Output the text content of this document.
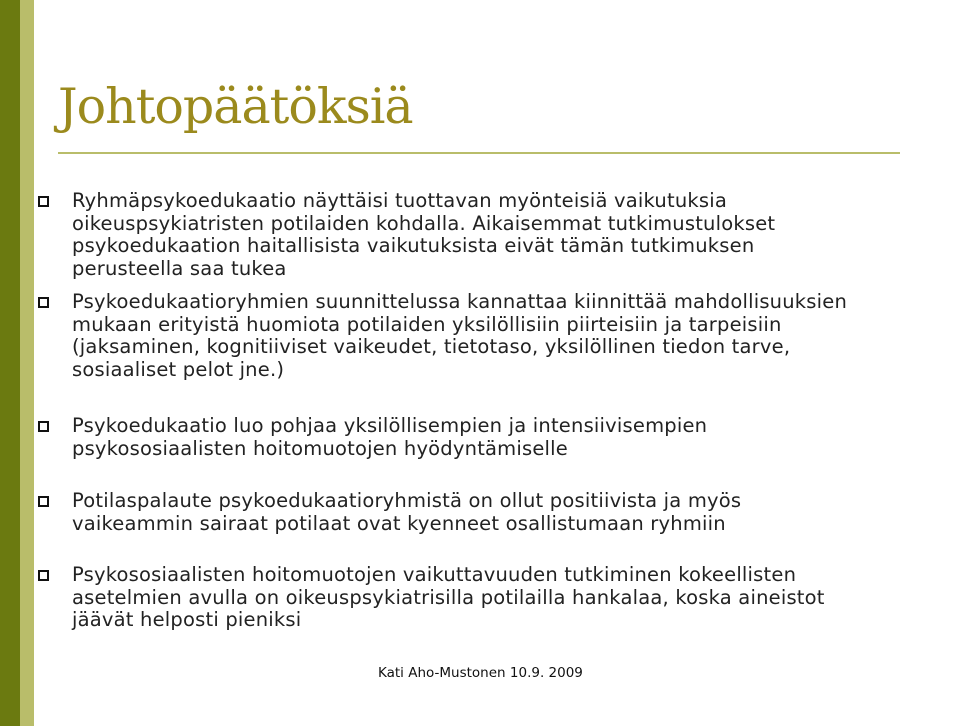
Johtopäätöksiä
Ryhmäpsykoedukaatio näyttäisi tuottavan myönteisiä vaikutuksia
oikeuspsykiatristen potilaiden kohdalla. Aikaisemmat tutkimustulokset
psykoedukaation haitallisista vaikutuksista eivät tämän tutkimuksen
perusteella saa tukea
Psykoedukaatioryhmien suunnittelussa kannattaa kiinnittää mahdollisuuksien
mukaan erityistä huomiota potilaiden yksilöllisiin piirteisiin ja tarpeisiin
(jaksaminen, kognitiiviset vaikeudet, tietotaso, yksilöllinen tiedon tarve,
sosiaaliset pelot jne.)
Psykoedukaatio luo pohjaa yksilöllisempien ja intensiivisempien
psykososiaalisten hoitomuotojen hyödyntämiselle
Potilaspalaute psykoedukaatioryhmistä on ollut positiivista ja myös
vaikeammin sairaat potilaat ovat kyenneet osallistumaan ryhmiin
Psykososiaalisten hoitomuotojen vaikuttavuuden tutkiminen kokeellisten
asetelmien avulla on oikeuspsykiatrisilla potilailla hankalaa, koska aineistot
jäävät helposti pieniksi
Kati Aho-Mustonen 10.9. 2009
